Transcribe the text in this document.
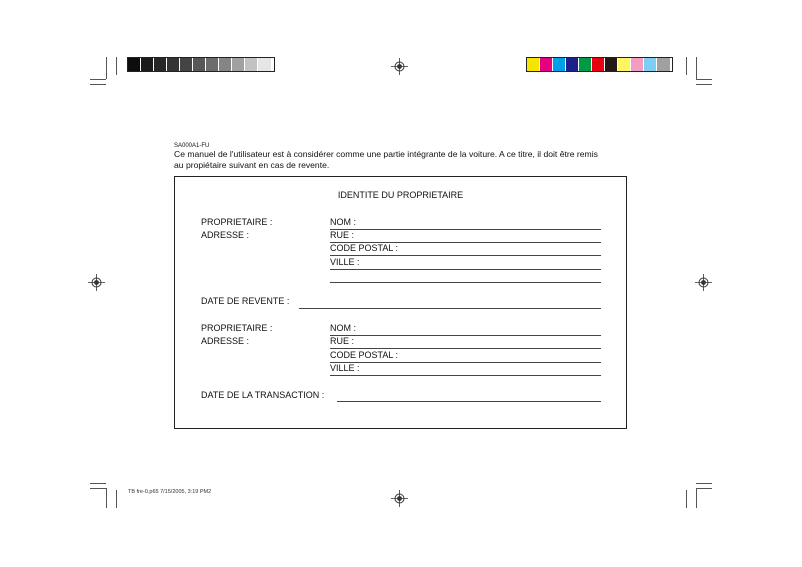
SA000A1-FU
Ce manuel de l'utilisateur est à considérer comme une partie intégrante de la voiture. A ce titre, il doit être remis
au propiétaire suivant en cas de revente.
IDENTITE DU PROPRIETAIRE
PROPRIETAIRE :
ADRESSE :
NOM :
RUE :
CODE POSTAL :
VILLE :
DATE DE REVENTE :
PROPRIETAIRE :
ADRESSE :
NOM :
RUE :
CODE POSTAL :
VILLE :
DATE DE LA TRANSACTION :
TB fre-0.p65 7/15/2005, 3:19 PM2
